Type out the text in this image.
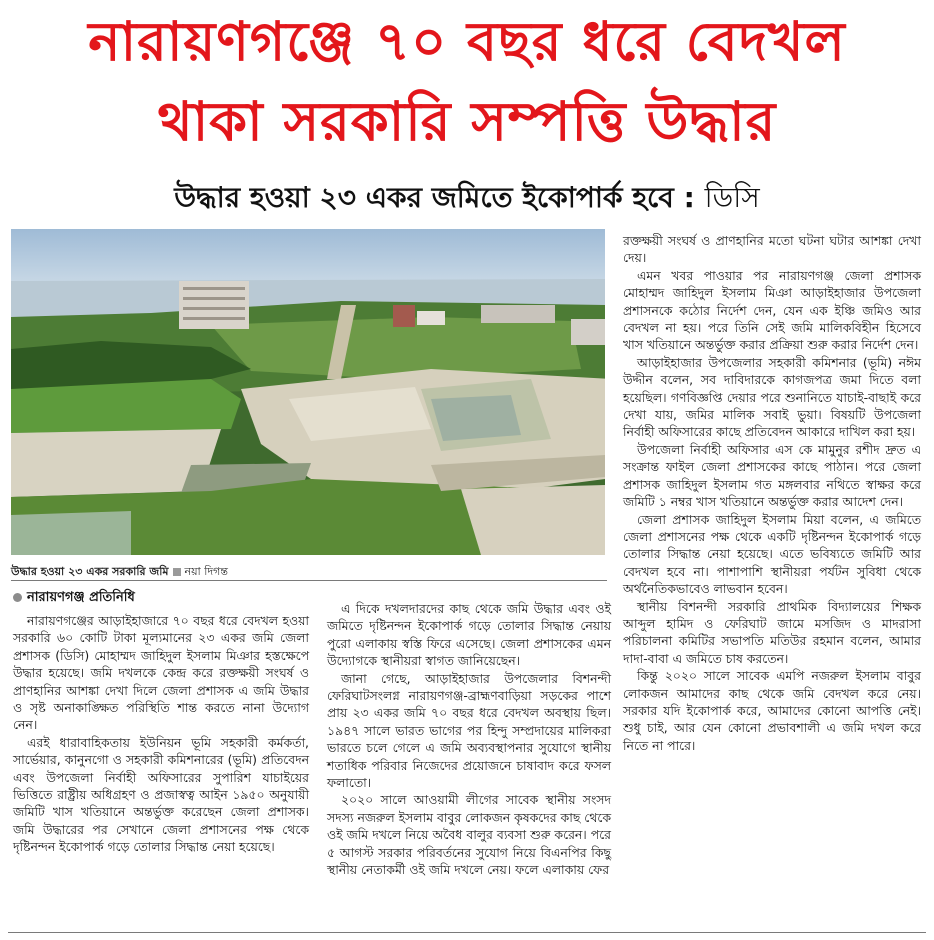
নারায়ণগঞ্জে ৭০ বছর ধরে বেদখল
থাকা সরকারি সম্পত্তি উদ্ধার
উদ্ধার হওয়া ২৩ একর জমিতে ইকোপার্ক হবে : ডিসি
উদ্ধার হওয়া ২৩ একর সরকারি জমি নয়া দিগন্ত
নারায়ণগঞ্জ প্রতিনিধি

নারায়ণগঞ্জের আড়াইহাজারে ৭০ বছর ধরে বেদখল হওয়া সরকারি ৬০ কোটি টাকা মূল্যমানের ২৩ একর জমি জেলা প্রশাসক (ডিসি) মোহাম্মদ জাহিদুল ইসলাম মিঞার হস্তক্ষেপে উদ্ধার হয়েছে। জমি দখলকে কেন্দ্র করে রক্তক্ষয়ী সংঘর্ষ ও প্রাণহানির আশঙ্কা দেখা দিলে জেলা প্রশাসক এ জমি উদ্ধার ও সৃষ্ট অনাকাঙ্ক্ষিত পরিস্থিতি শান্ত করতে নানা উদ্যোগ নেন।

এরই ধারাবাহিকতায় ইউনিয়ন ভূমি সহকারী কর্মকর্তা, সার্ভেয়ার, কানুনগো ও সহকারী কমিশনারের (ভূমি) প্রতিবেদন এবং উপজেলা নির্বাহী অফিসারের সুপারিশ যাচাইয়ের ভিত্তিতে রাষ্ট্রীয় অধিগ্রহণ ও প্রজাস্বত্ব আইন ১৯৫০ অনুযায়ী জমিটি খাস খতিয়ানে অন্তর্ভুক্ত করেছেন জেলা প্রশাসক। জমি উদ্ধারের পর সেখানে জেলা প্রশাসনের পক্ষ থেকে দৃষ্টিনন্দন ইকোপার্ক গড়ে তোলার সিদ্ধান্ত নেয়া হয়েছে।

এ দিকে দখলদারদের কাছ থেকে জমি উদ্ধার এবং ওই জমিতে দৃষ্টিনন্দন ইকোপার্ক গড়ে তোলার সিদ্ধান্ত নেয়ায় পুরো এলাকায় স্বস্তি ফিরে এসেছে। জেলা প্রশাসকের এমন উদ্যোগকে স্থানীয়রা স্বাগত জানিয়েছেন।

জানা গেছে, আড়াইহাজার উপজেলার বিশনন্দী ফেরিঘাটসংলগ্ন নারায়ণগঞ্জ-ব্রাহ্মণবাড়িয়া সড়কের পাশে প্রায় ২৩ একর জমি ৭০ বছর ধরে বেদখল অবস্থায় ছিল। ১৯৪৭ সালে ভারত ভাগের পর হিন্দু সম্প্রদায়ের মালিকরা ভারতে চলে গেলে এ জমি অব্যবস্থাপনার সুযোগে স্থানীয় শতাধিক পরিবার নিজেদের প্রয়োজনে চাষাবাদ করে ফসল ফলাতো।

২০২০ সালে আওয়ামী লীগের সাবেক স্থানীয় সংসদ সদস্য নজরুল ইসলাম বাবুর লোকজন কৃষকদের কাছ থেকে ওই জমি দখলে নিয়ে অবৈধ বালুর ব্যবসা শুরু করেন। পরে ৫ আগস্ট সরকার পরিবর্তনের সুযোগ নিয়ে বিএনপির কিছু স্থানীয় নেতাকর্মী ওই জমি দখলে নেয়। ফলে এলাকায় ফের

রক্তক্ষয়ী সংঘর্ষ ও প্রাণহানির মতো ঘটনা ঘটার আশঙ্কা দেখা দেয়।

এমন খবর পাওয়ার পর নারায়ণগঞ্জ জেলা প্রশাসক মোহাম্মদ জাহিদুল ইসলাম মিঞা আড়াইহাজার উপজেলা প্রশাসনকে কঠোর নির্দেশ দেন, যেন এক ইঞ্চি জমিও আর বেদখল না হয়। পরে তিনি সেই জমি মালিকবিহীন হিসেবে খাস খতিয়ানে অন্তর্ভুক্ত করার প্রক্রিয়া শুরু করার নির্দেশ দেন।

আড়াইহাজার উপজেলার সহকারী কমিশনার (ভূমি) নঈম উদ্দীন বলেন, সব দাবিদারকে কাগজপত্র জমা দিতে বলা হয়েছিল। গণবিজ্ঞপ্তি দেয়ার পরে শুনানিতে যাচাই-বাছাই করে দেখা যায়, জমির মালিক সবাই ভুয়া। বিষয়টি উপজেলা নির্বাহী অফিসারের কাছে প্রতিবেদন আকারে দাখিল করা হয়।

উপজেলা নির্বাহী অফিসার এস কে মামুনুর রশীদ দ্রুত এ সংক্রান্ত ফাইল জেলা প্রশাসকের কাছে পাঠান। পরে জেলা প্রশাসক জাহিদুল ইসলাম গত মঙ্গলবার নথিতে স্বাক্ষর করে জমিটি ১ নম্বর খাস খতিয়ানে অন্তর্ভুক্ত করার আদেশ দেন।

জেলা প্রশাসক জাহিদুল ইসলাম মিয়া বলেন, এ জমিতে জেলা প্রশাসনের পক্ষ থেকে একটি দৃষ্টিনন্দন ইকোপার্ক গড়ে তোলার সিদ্ধান্ত নেয়া হয়েছে। এতে ভবিষ্যতে জমিটি আর বেদখল হবে না। পাশাপাশি স্থানীয়রা পর্যটন সুবিধা থেকে অর্থনৈতিকভাবেও লাভবান হবেন।

স্থানীয় বিশনন্দী সরকারি প্রাথমিক বিদ্যালয়ের শিক্ষক আব্দুল হামিদ ও ফেরিঘাট জামে মসজিদ ও মাদরাসা পরিচালনা কমিটির সভাপতি মতিউর রহমান বলেন, আমার দাদা-বাবা এ জমিতে চাষ করতেন।

কিন্তু ২০২০ সালে সাবেক এমপি নজরুল ইসলাম বাবুর লোকজন আমাদের কাছ থেকে জমি বেদখল করে নেয়। সরকার যদি ইকোপার্ক করে, আমাদের কোনো আপত্তি নেই। শুধু চাই, আর যেন কোনো প্রভাবশালী এ জমি দখল করে নিতে না পারে।
